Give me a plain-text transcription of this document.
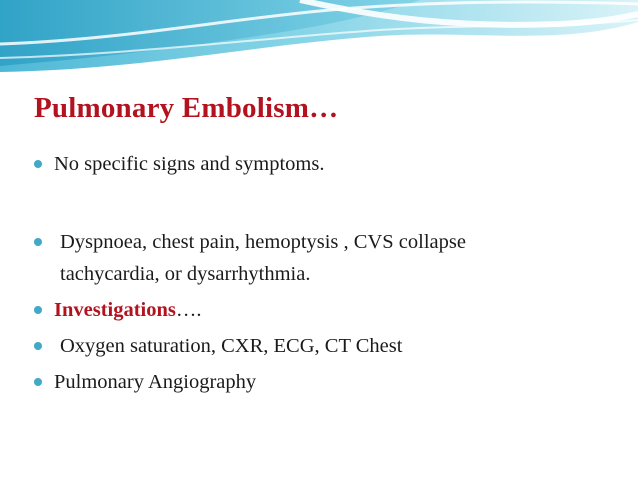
Pulmonary Embolism…
No specific signs and symptoms.
Dyspnoea, chest pain, hemoptysis , CVS collapse
tachycardia, or dysarrhythmia.
Investigations….
Oxygen saturation, CXR, ECG, CT Chest
Pulmonary Angiography
